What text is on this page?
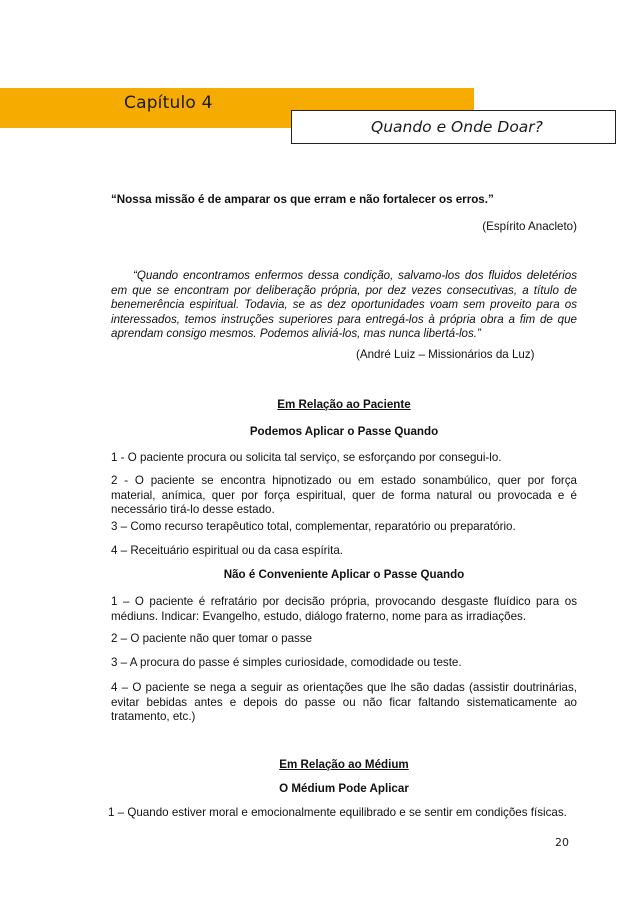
Capítulo 4
Quando e Onde Doar?
“Nossa missão é de amparar os que erram e não fortalecer os erros.”
(Espírito Anacleto)
“Quando encontramos enfermos dessa condição, salvamo-los dos fluidos deletérios em que se encontram por deliberação própria, por dez vezes consecutivas, a título de benemerência espiritual. Todavia, se as dez oportunidades voam sem proveito para os interessados, temos instruções superiores para entregá-los à própria obra a fim de que aprendam consigo mesmos. Podemos aliviá-los, mas nunca libertá-los.”
(André Luiz – Missionários da Luz)
Em Relação ao Paciente
Podemos Aplicar o Passe Quando
1 - O paciente procura ou solicita tal serviço, se esforçando por consegui-lo.
2 - O paciente se encontra hipnotizado ou em estado sonambúlico, quer por força material, anímica, quer por força espiritual, quer de forma natural ou provocada e é necessário tirá-lo desse estado.
3 – Como recurso terapêutico total, complementar, reparatório ou preparatório.
4 – Receituário espiritual ou da casa espírita.
Não é Conveniente Aplicar o Passe Quando
1 – O paciente é refratário por decisão própria, provocando desgaste fluídico para os médiuns. Indicar: Evangelho, estudo, diálogo fraterno, nome para as irradiações.
2 – O paciente não quer tomar o passe
3 – A procura do passe é simples curiosidade, comodidade ou teste.
4 – O paciente se nega a seguir as orientações que lhe são dadas (assistir doutrinárias, evitar bebidas antes e depois do passe ou não ficar faltando sistematicamente ao tratamento, etc.)
Em Relação ao Médium
O Médium Pode Aplicar
1 – Quando estiver moral e emocionalmente equilibrado e se sentir em condições físicas.
20
